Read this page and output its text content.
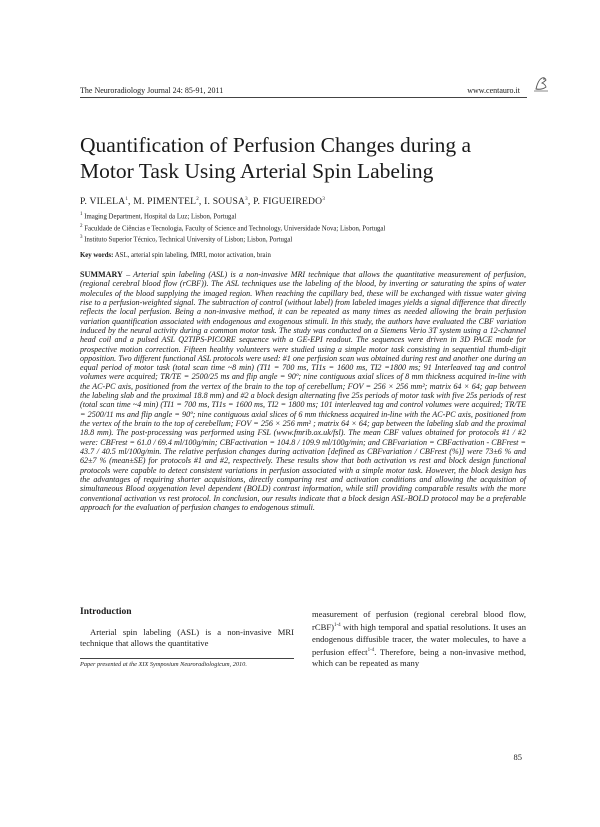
The Neuroradiology Journal 24: 85-91, 2011	www.centauro.it
Quantification of Perfusion Changes during a Motor Task Using Arterial Spin Labeling
P. VILELA$^1$, M. PIMENTEL$^2$, I. SOUSA$^3$, P. FIGUEIREDO$^3$
$^1$ Imaging Department, Hospital da Luz; Lisbon, Portugal
$^2$ Faculdade de Ciências e Tecnologia, Faculty of Science and Technology, Universidade Nova; Lisbon, Portugal
$^3$ Instituto Superior Técnico, Technical University of Lisbon; Lisbon, Portugal
Key words: ASL, arterial spin labeling, fMRI, motor activation, brain
SUMMARY – Arterial spin labeling (ASL) is a non-invasive MRI technique that allows the quantitative measurement of perfusion, (regional cerebral blood flow (rCBF)). The ASL techniques use the labeling of the blood, by inverting or saturating the spins of water molecules of the blood supplying the imaged region. When reaching the capillary bed, these will be exchanged with tissue water giving rise to a perfusion-weighted signal. The subtraction of control (without label) from labeled images yields a signal difference that directly reflects the local perfusion. Being a non-invasive method, it can be repeated as many times as needed allowing the brain perfusion variation quantification associated with endogenous and exogenous stimuli. In this study, the authors have evaluated the CBF variation induced by the neural activity during a common motor task. The study was conducted on a Siemens Verio 3T system using a 12-channel head coil and a pulsed ASL Q2TIPS-PICORE sequence with a GE-EPI readout. The sequences were driven in 3D PACE mode for prospective motion correction. Fifteen healthy volunteers were studied using a simple motor task consisting in sequential thumb-digit opposition. Two different functional ASL protocols were used: #1 one perfusion scan was obtained during rest and another one during an equal period of motor task (total scan time ~8 min) (TI1 = 700 ms, TI1s = 1600 ms, TI2 =1800 ms; 91 Interleaved tag and control volumes were acquired; TR/TE = 2500/25 ms and flip angle = 90º; nine contiguous axial slices of 8 mm thickness acquired in-line with the AC-PC axis, positioned from the vertex of the brain to the top of cerebellum; FOV = 256 × 256 mm²; matrix 64 × 64; gap between the labeling slab and the proximal 18.8 mm) and #2 a block design alternating five 25s periods of motor task with five 25s periods of rest (total scan time ~4 min) (TI1 = 700 ms, TI1s = 1600 ms, TI2 = 1800 ms; 101 interleaved tag and control volumes were acquired; TR/TE = 2500/11 ms and flip angle = 90º; nine contiguous axial slices of 6 mm thickness acquired in-line with the AC-PC axis, positioned from the vertex of the brain to the top of cerebellum; FOV = 256 × 256 mm² ; matrix 64 × 64; gap between the labeling slab and the proximal 18.8 mm). The post-processing was performed using FSL (www.fmrib.ox.uk/fsl). The mean CBF values obtained for protocols #1 / #2 were: CBFrest = 61.0 / 69.4 ml/100g/min; CBFactivation = 104.8 / 109.9 ml/100g/min; and CBFvariation = CBFactivation - CBFrest = 43.7 / 40.5 ml/100g/min. The relative perfusion changes during activation [defined as CBFvariation / CBFrest (%)] were 73±6 % and 62±7 % (mean±SE) for protocols #1 and #2, respectively. These results show that both activation vs rest and block design functional protocols were capable to detect consistent variations in perfusion associated with a simple motor task. However, the block design has the advantages of requiring shorter acquisitions, directly comparing rest and activation conditions and allowing the acquisition of simultaneous Blood oxygenation level dependent (BOLD) contrast information, while still providing comparable results with the more conventional activation vs rest protocol. In conclusion, our results indicate that a block design ASL-BOLD protocol may be a preferable approach for the evaluation of perfusion changes to endogenous stimuli.
Introduction
Arterial spin labeling (ASL) is a non-invasive MRI technique that allows the quantitative
measurement of perfusion (regional cerebral blood flow, rCBF)$^{1-4}$ with high temporal and spatial resolutions. It uses an endogenous diffusible tracer, the water molecules, to have a perfusion effect$^{1-4}$. Therefore, being a non-invasive method, which can be repeated as many
Paper presented at the XIX Symposium Neuroradiologicum, 2010.
85
